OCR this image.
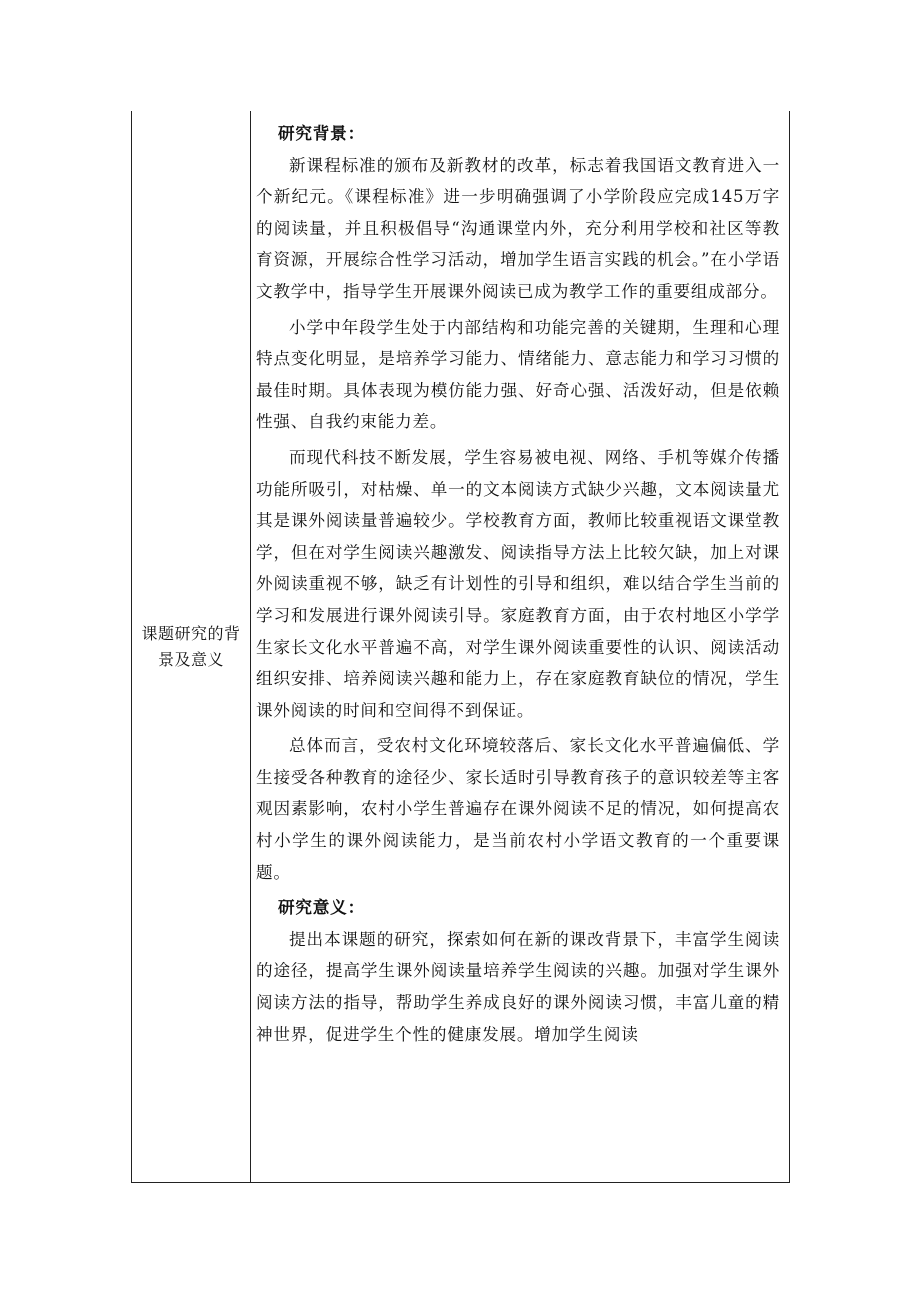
课题研究的背景及意义
研究背景：

新课程标准的颁布及新教材的改革，标志着我国语文教育进入一个新纪元。《课程标准》进一步明确强调了小学阶段应完成145万字的阅读量，并且积极倡导“沟通课堂内外，充分利用学校和社区等教育资源，开展综合性学习活动，增加学生语言实践的机会。”在小学语文教学中，指导学生开展课外阅读已成为教学工作的重要组成部分。

小学中年段学生处于内部结构和功能完善的关键期，生理和心理特点变化明显，是培养学习能力、情绪能力、意志能力和学习习惯的最佳时期。具体表现为模仿能力强、好奇心强、活泼好动，但是依赖性强、自我约束能力差。

而现代科技不断发展，学生容易被电视、网络、手机等媒介传播功能所吸引，对枯燥、单一的文本阅读方式缺少兴趣，文本阅读量尤其是课外阅读量普遍较少。学校教育方面，教师比较重视语文课堂教学，但在对学生阅读兴趣激发、阅读指导方法上比较欠缺，加上对课外阅读重视不够，缺乏有计划性的引导和组织，难以结合学生当前的学习和发展进行课外阅读引导。家庭教育方面，由于农村地区小学学生家长文化水平普遍不高，对学生课外阅读重要性的认识、阅读活动组织安排、培养阅读兴趣和能力上，存在家庭教育缺位的情况，学生课外阅读的时间和空间得不到保证。

总体而言，受农村文化环境较落后、家长文化水平普遍偏低、学生接受各种教育的途径少、家长适时引导教育孩子的意识较差等主客观因素影响，农村小学生普遍存在课外阅读不足的情况，如何提高农村小学生的课外阅读能力，是当前农村小学语文教育的一个重要课题。

研究意义：

提出本课题的研究，探索如何在新的课改背景下，丰富学生阅读的途径，提高学生课外阅读量培养学生阅读的兴趣。加强对学生课外阅读方法的指导，帮助学生养成良好的课外阅读习惯，丰富儿童的精神世界，促进学生个性的健康发展。增加学生阅读
